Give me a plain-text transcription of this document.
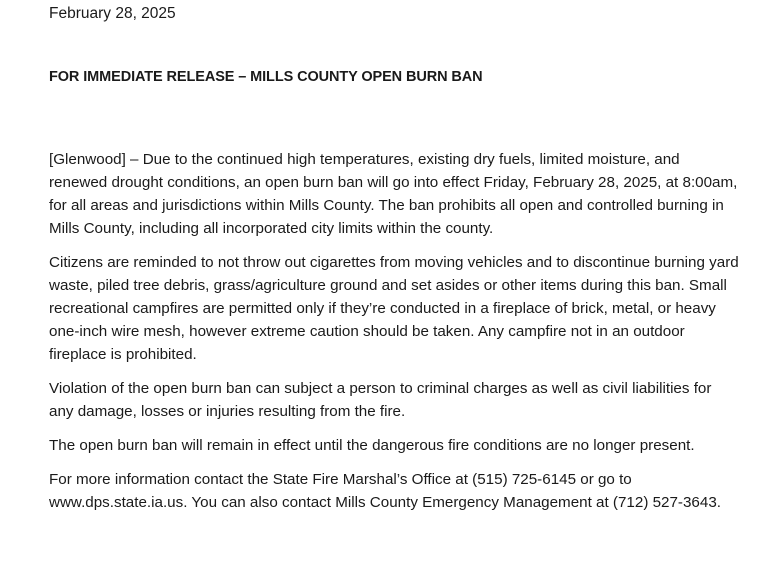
February 28, 2025
FOR IMMEDIATE RELEASE – MILLS COUNTY OPEN BURN BAN

[Glenwood] – Due to the continued high temperatures, existing dry fuels, limited moisture, and renewed drought conditions, an open burn ban will go into effect Friday, February 28, 2025, at 8:00am, for all areas and jurisdictions within Mills County. The ban prohibits all open and controlled burning in Mills County, including all incorporated city limits within the county.

Citizens are reminded to not throw out cigarettes from moving vehicles and to discontinue burning yard waste, piled tree debris, grass/agriculture ground and set asides or other items during this ban. Small recreational campfires are permitted only if they’re conducted in a fireplace of brick, metal, or heavy one-inch wire mesh, however extreme caution should be taken. Any campfire not in an outdoor fireplace is prohibited.

Violation of the open burn ban can subject a person to criminal charges as well as civil liabilities for any damage, losses or injuries resulting from the fire.

The open burn ban will remain in effect until the dangerous fire conditions are no longer present.

For more information contact the State Fire Marshal’s Office at (515) 725-6145 or go to www.dps.state.ia.us. You can also contact Mills County Emergency Management at (712) 527-3643.
